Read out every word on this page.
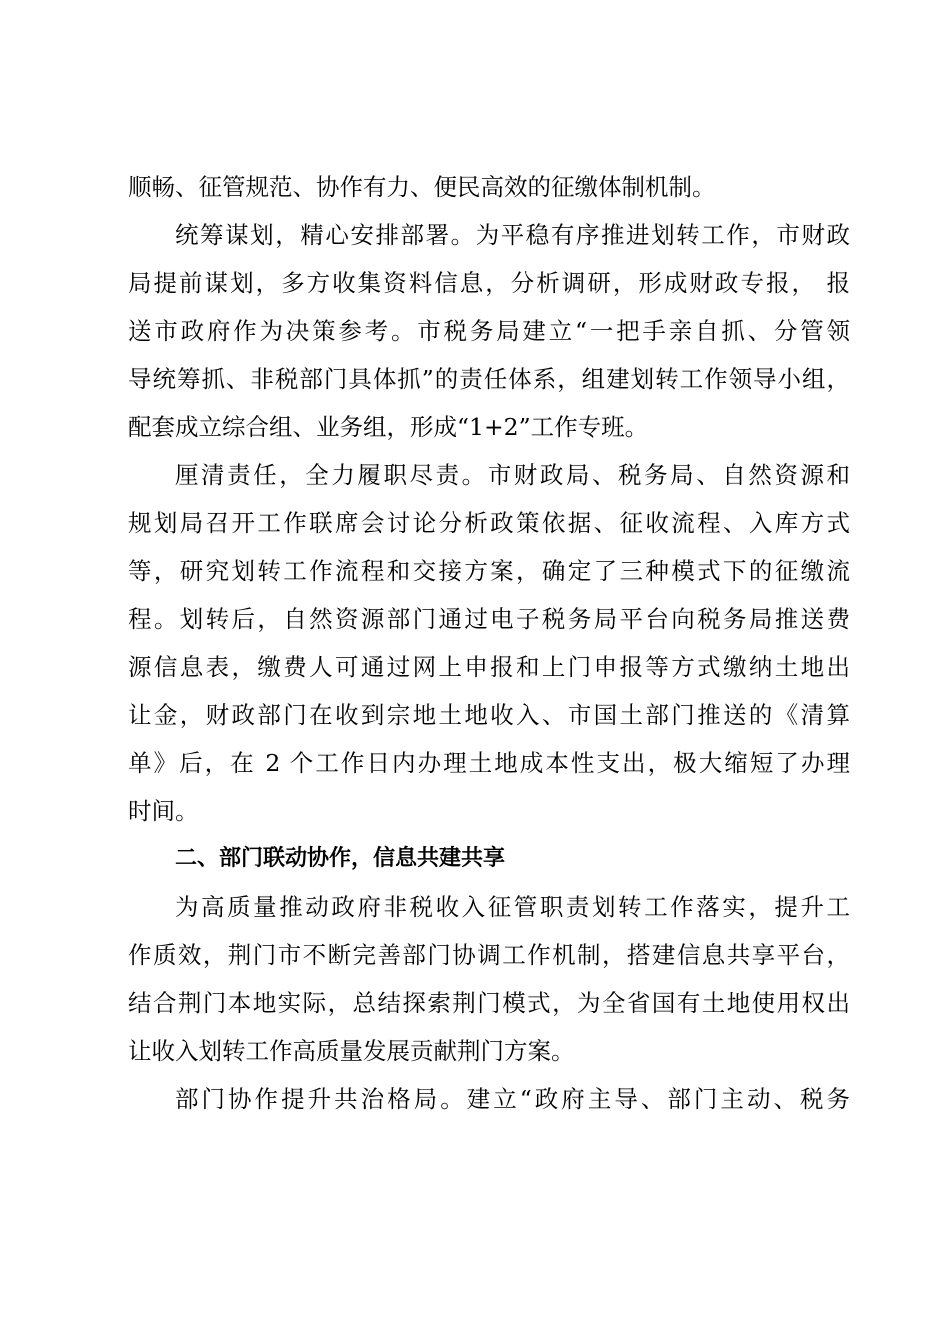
顺畅、征管规范、协作有力、便民高效的征缴体制机制。
统筹谋划，精心安排部署。为平稳有序推进划转工作，市财政
局提前谋划，多方收集资料信息，分析调研，形成财政专报， 报
送市政府作为决策参考。市税务局建立“一把手亲自抓、分管领
导统筹抓、非税部门具体抓”的责任体系，组建划转工作领导小组，
配套成立综合组、业务组，形成“1+2”工作专班。
厘清责任，全力履职尽责。市财政局、税务局、自然资源和
规划局召开工作联席会讨论分析政策依据、征收流程、入库方式
等，研究划转工作流程和交接方案，确定了三种模式下的征缴流
程。划转后，自然资源部门通过电子税务局平台向税务局推送费
源信息表，缴费人可通过网上申报和上门申报等方式缴纳土地出
让金，财政部门在收到宗地土地收入、市国土部门推送的《清算
单》后，在 2 个工作日内办理土地成本性支出，极大缩短了办理
时间。
二、部门联动协作，信息共建共享
为高质量推动政府非税收入征管职责划转工作落实，提升工
作质效，荆门市不断完善部门协调工作机制，搭建信息共享平台，
结合荆门本地实际，总结探索荆门模式，为全省国有土地使用权出
让收入划转工作高质量发展贡献荆门方案。
部门协作提升共治格局。建立“政府主导、部门主动、税务
